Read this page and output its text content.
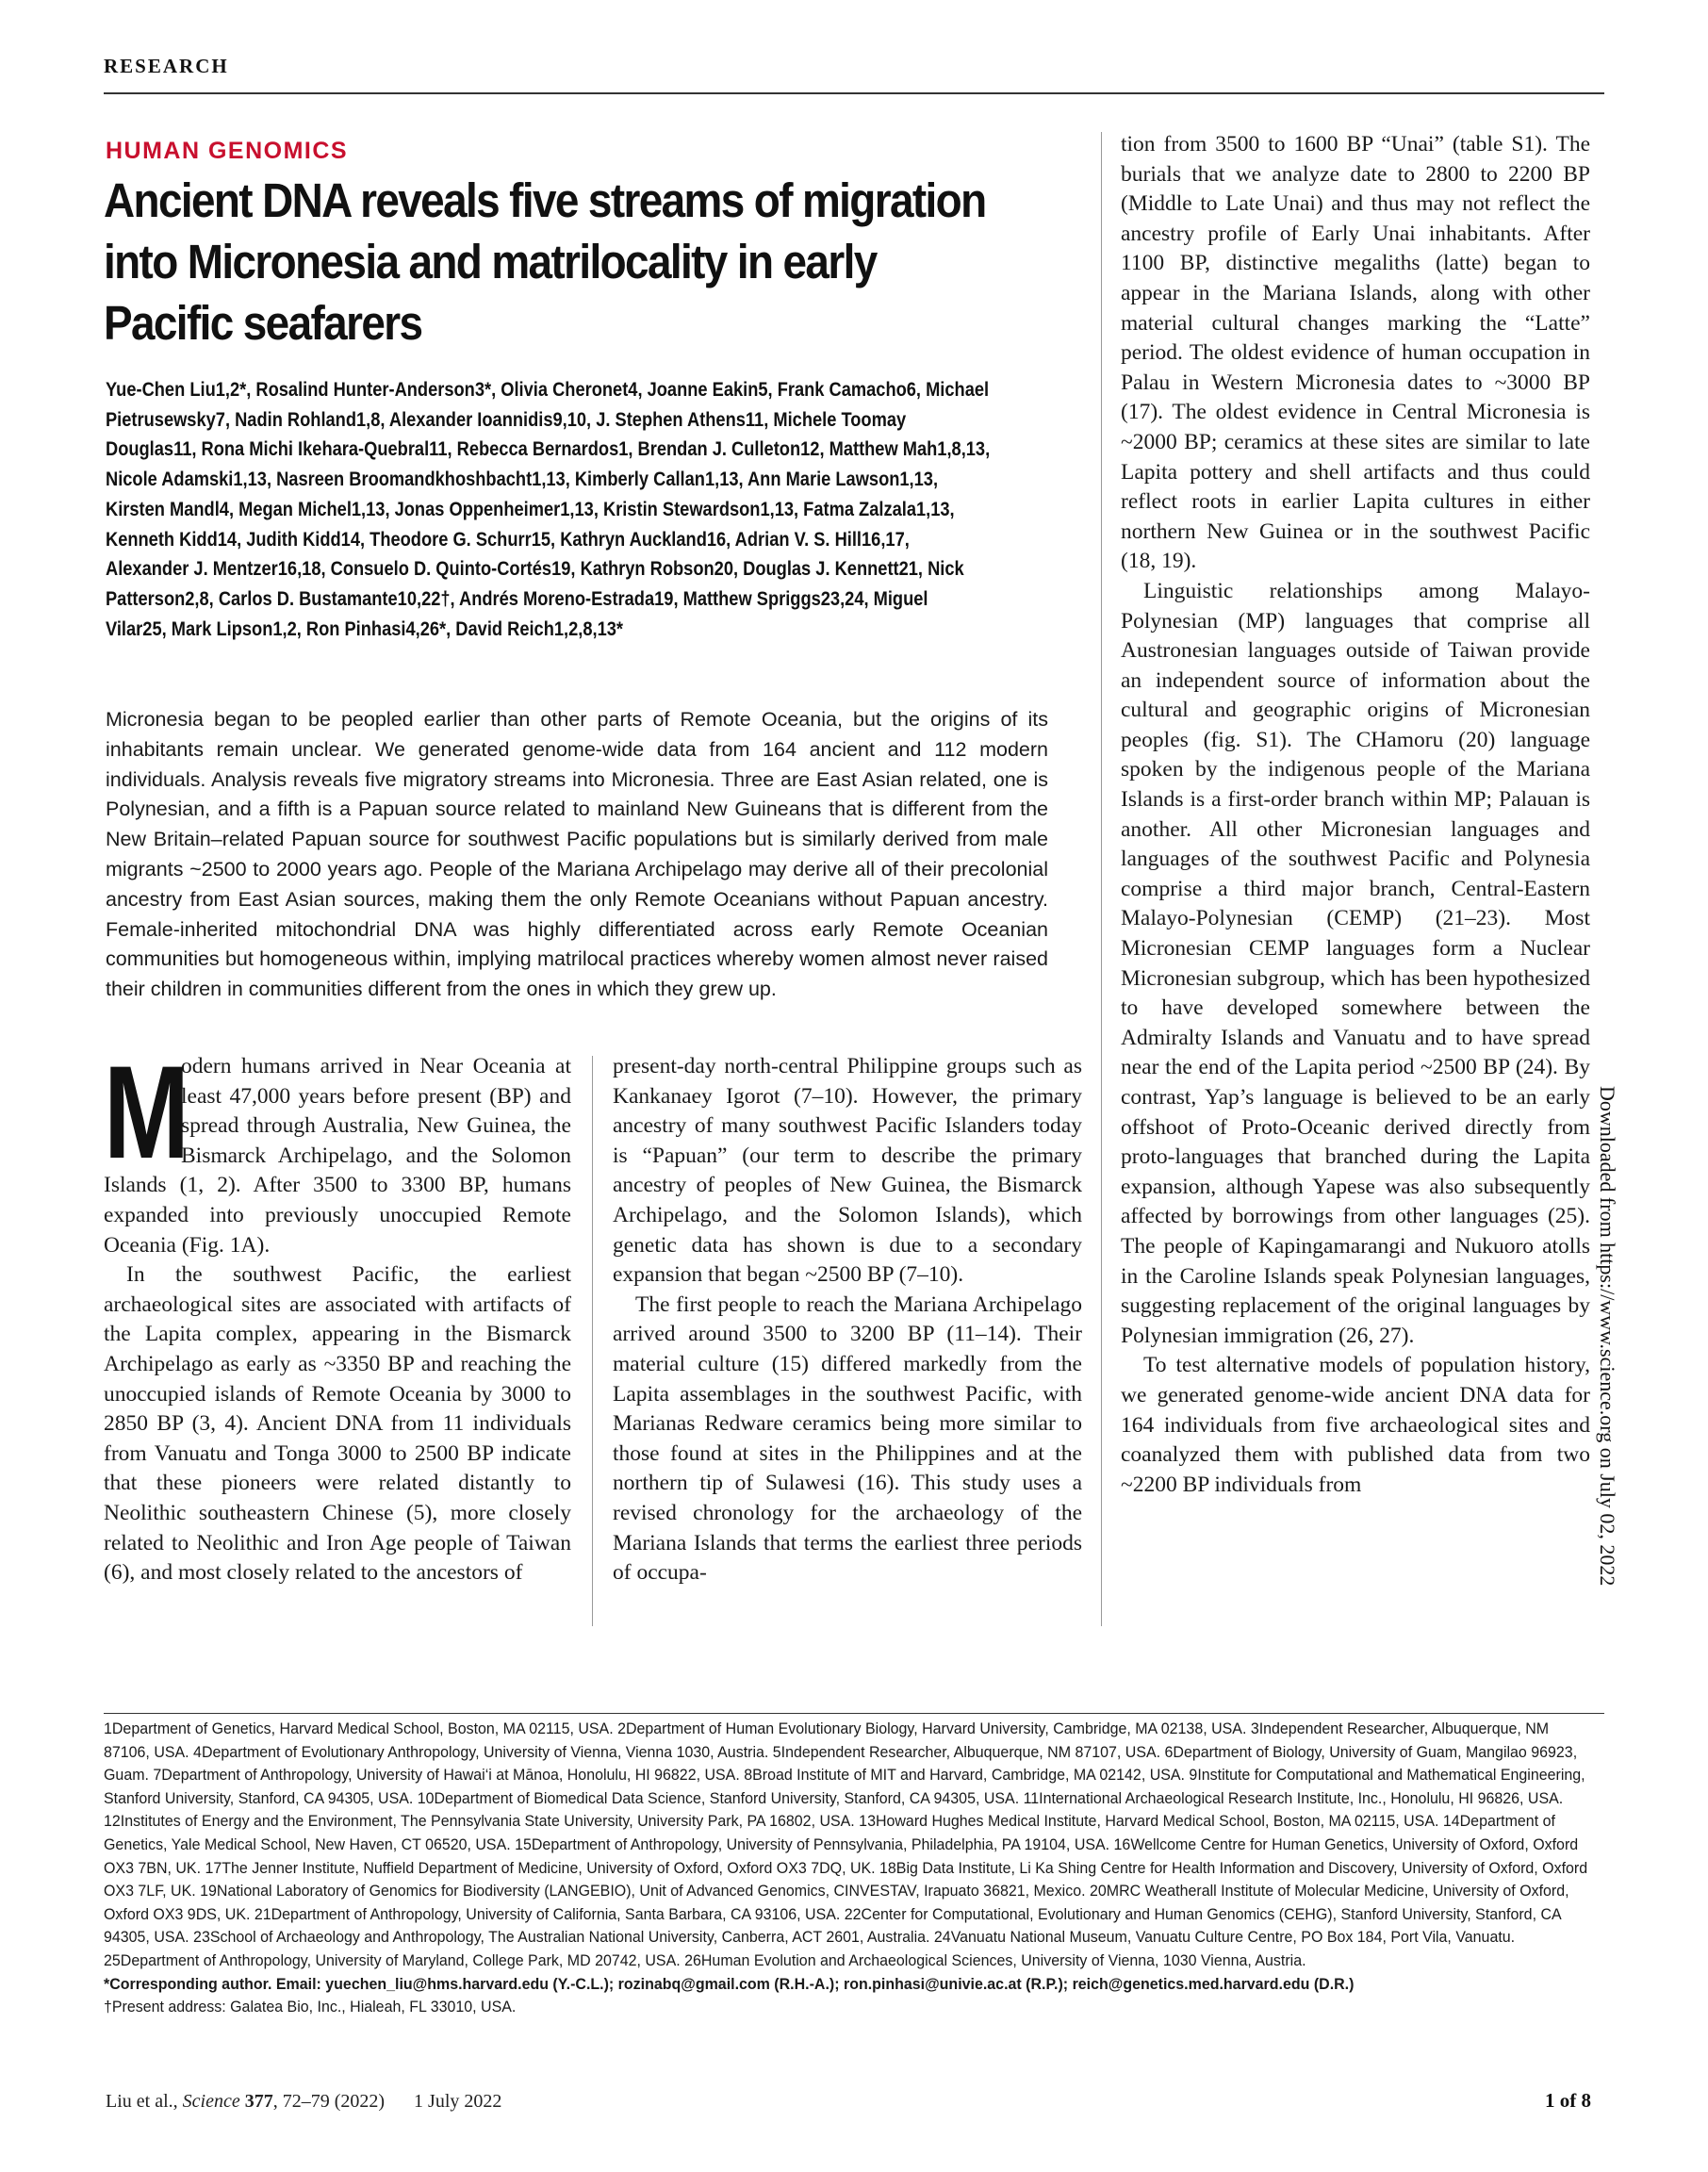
RESEARCH
HUMAN GENOMICS
Ancient DNA reveals five streams of migration into Micronesia and matrilocality in early Pacific seafarers
Yue-Chen Liu1,2*, Rosalind Hunter-Anderson3*, Olivia Cheronet4, Joanne Eakin5, Frank Camacho6, Michael Pietrusewsky7, Nadin Rohland1,8, Alexander Ioannidis9,10, J. Stephen Athens11, Michele Toomay Douglas11, Rona Michi Ikehara-Quebral11, Rebecca Bernardos1, Brendan J. Culleton12, Matthew Mah1,8,13, Nicole Adamski1,13, Nasreen Broomandkhoshbacht1,13, Kimberly Callan1,13, Ann Marie Lawson1,13, Kirsten Mandl4, Megan Michel1,13, Jonas Oppenheimer1,13, Kristin Stewardson1,13, Fatma Zalzala1,13, Kenneth Kidd14, Judith Kidd14, Theodore G. Schurr15, Kathryn Auckland16, Adrian V. S. Hill16,17, Alexander J. Mentzer16,18, Consuelo D. Quinto-Cortés19, Kathryn Robson20, Douglas J. Kennett21, Nick Patterson2,8, Carlos D. Bustamante10,22†, Andrés Moreno-Estrada19, Matthew Spriggs23,24, Miguel Vilar25, Mark Lipson1,2, Ron Pinhasi4,26*, David Reich1,2,8,13*

Micronesia began to be peopled earlier than other parts of Remote Oceania, but the origins of its inhabitants remain unclear. We generated genome-wide data from 164 ancient and 112 modern individuals. Analysis reveals five migratory streams into Micronesia. Three are East Asian related, one is Polynesian, and a fifth is a Papuan source related to mainland New Guineans that is different from the New Britain–related Papuan source for southwest Pacific populations but is similarly derived from male migrants ~2500 to 2000 years ago. People of the Mariana Archipelago may derive all of their precolonial ancestry from East Asian sources, making them the only Remote Oceanians without Papuan ancestry. Female-inherited mitochondrial DNA was highly differentiated across early Remote Oceanian communities but homogeneous within, implying matrilocal practices whereby women almost never raised their children in communities different from the ones in which they grew up.

M

odern humans arrived in Near Oceania at least 47,000 years before present (BP) and spread through Australia, New Guinea, the Bismarck Archipelago, and the Solomon Islands (1, 2). After 3500 to 3300 BP, humans expanded into previously unoccupied Remote Oceania (Fig. 1A).

In the southwest Pacific, the earliest archaeological sites are associated with artifacts of the Lapita complex, appearing in the Bismarck Archipelago as early as ~3350 BP and reaching the unoccupied islands of Remote Oceania by 3000 to 2850 BP (3, 4). Ancient DNA from 11 individuals from Vanuatu and Tonga 3000 to 2500 BP indicate that these pioneers were related distantly to Neolithic southeastern Chinese (5), more closely related to Neolithic and Iron Age people of Taiwan (6), and most closely related to the ancestors of

present-day north-central Philippine groups such as Kankanaey Igorot (7–10). However, the primary ancestry of many southwest Pacific Islanders today is “Papuan” (our term to describe the primary ancestry of peoples of New Guinea, the Bismarck Archipelago, and the Solomon Islands), which genetic data has shown is due to a secondary expansion that began ~2500 BP (7–10).

The first people to reach the Mariana Archipelago arrived around 3500 to 3200 BP (11–14). Their material culture (15) differed markedly from the Lapita assemblages in the southwest Pacific, with Marianas Redware ceramics being more similar to those found at sites in the Philippines and at the northern tip of Sulawesi (16). This study uses a revised chronology for the archaeology of the Mariana Islands that terms the earliest three periods of occupa-

tion from 3500 to 1600 BP “Unai” (table S1). The burials that we analyze date to 2800 to 2200 BP (Middle to Late Unai) and thus may not reflect the ancestry profile of Early Unai inhabitants. After 1100 BP, distinctive megaliths (latte) began to appear in the Mariana Islands, along with other material cultural changes marking the “Latte” period. The oldest evidence of human occupation in Palau in Western Micronesia dates to ~3000 BP (17). The oldest evidence in Central Micronesia is ~2000 BP; ceramics at these sites are similar to late Lapita pottery and shell artifacts and thus could reflect roots in earlier Lapita cultures in either northern New Guinea or in the southwest Pacific (18, 19).

Linguistic relationships among Malayo-Polynesian (MP) languages that comprise all Austronesian languages outside of Taiwan provide an independent source of information about the cultural and geographic origins of Micronesian peoples (fig. S1). The CHamoru (20) language spoken by the indigenous people of the Mariana Islands is a first-order branch within MP; Palauan is another. All other Micronesian languages and languages of the southwest Pacific and Polynesia comprise a third major branch, Central-Eastern Malayo-Polynesian (CEMP) (21–23). Most Micronesian CEMP languages form a Nuclear Micronesian subgroup, which has been hypothesized to have developed somewhere between the Admiralty Islands and Vanuatu and to have spread near the end of the Lapita period ~2500 BP (24). By contrast, Yap’s language is believed to be an early offshoot of Proto-Oceanic derived directly from proto-languages that branched during the Lapita expansion, although Yapese was also subsequently affected by borrowings from other languages (25). The people of Kapingamarangi and Nukuoro atolls in the Caroline Islands speak Polynesian languages, suggesting replacement of the original languages by Polynesian immigration (26, 27).

To test alternative models of population history, we generated genome-wide ancient DNA data for 164 individuals from five archaeological sites and coanalyzed them with published data from two ~2200 BP individuals from	Downloaded from https://www.science.org on July 02, 2022

1Department of Genetics, Harvard Medical School, Boston, MA 02115, USA. 2Department of Human Evolutionary Biology, Harvard University, Cambridge, MA 02138, USA. 3Independent Researcher, Albuquerque, NM 87106, USA. 4Department of Evolutionary Anthropology, University of Vienna, Vienna 1030, Austria. 5Independent Researcher, Albuquerque, NM 87107, USA. 6Department of Biology, University of Guam, Mangilao 96923, Guam. 7Department of Anthropology, University of Hawai‘i at Mānoa, Honolulu, HI 96822, USA. 8Broad Institute of MIT and Harvard, Cambridge, MA 02142, USA. 9Institute for Computational and Mathematical Engineering, Stanford University, Stanford, CA 94305, USA. 10Department of Biomedical Data Science, Stanford University, Stanford, CA 94305, USA. 11International Archaeological Research Institute, Inc., Honolulu, HI 96826, USA. 12Institutes of Energy and the Environment, The Pennsylvania State University, University Park, PA 16802, USA. 13Howard Hughes Medical Institute, Harvard Medical School, Boston, MA 02115, USA. 14Department of Genetics, Yale Medical School, New Haven, CT 06520, USA. 15Department of Anthropology, University of Pennsylvania, Philadelphia, PA 19104, USA. 16Wellcome Centre for Human Genetics, University of Oxford, Oxford OX3 7BN, UK. 17The Jenner Institute, Nuffield Department of Medicine, University of Oxford, Oxford OX3 7DQ, UK. 18Big Data Institute, Li Ka Shing Centre for Health Information and Discovery, University of Oxford, Oxford OX3 7LF, UK. 19National Laboratory of Genomics for Biodiversity (LANGEBIO), Unit of Advanced Genomics, CINVESTAV, Irapuato 36821, Mexico. 20MRC Weatherall Institute of Molecular Medicine, University of Oxford, Oxford OX3 9DS, UK. 21Department of Anthropology, University of California, Santa Barbara, CA 93106, USA. 22Center for Computational, Evolutionary and Human Genomics (CEHG), Stanford University, Stanford, CA 94305, USA. 23School of Archaeology and Anthropology, The Australian National University, Canberra, ACT 2601, Australia. 24Vanuatu National Museum, Vanuatu Culture Centre, PO Box 184, Port Vila, Vanuatu. 25Department of Anthropology, University of Maryland, College Park, MD 20742, USA. 26Human Evolution and Archaeological Sciences, University of Vienna, 1030 Vienna, Austria.

*Corresponding author. Email: yuechen_liu@hms.harvard.edu (Y.-C.L.); rozinabq@gmail.com (R.H.-A.); ron.pinhasi@univie.ac.at (R.P.); reich@genetics.med.harvard.edu (D.R.)

†Present address: Galatea Bio, Inc., Hialeah, FL 33010, USA.

Liu et al., Science 377, 72–79 (2022) 1 July 2022	1 of 8
